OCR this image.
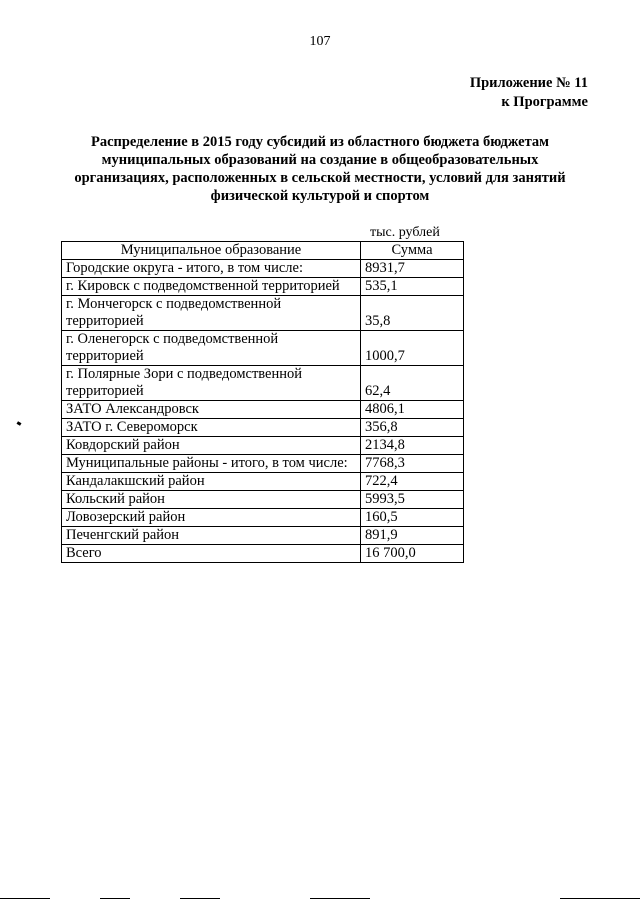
107
Приложение № 11
к Программе
Распределение в 2015 году субсидий из областного бюджета бюджетам
муниципальных образований на создание в общеобразовательных
организациях, расположенных в сельской местности, условий для занятий
физической культурой и спортом
тыс. рублей
Муниципальное образование	Сумма
Городские округа - итого, в том числе:	8931,7
г. Кировск с подведомственной территорией	535,1
г. Мончегорск с подведомственной территорией	35,8
г. Оленегорск с подведомственной территорией	1000,7
г. Полярные Зори с подведомственной территорией	62,4
ЗАТО Александровск	4806,1
ЗАТО г. Североморск	356,8
Ковдорский район	2134,8
Муниципальные районы - итого, в том числе:	7768,3
Кандалакшский район	722,4
Кольский район	5993,5
Ловозерский район	160,5
Печенгский район	891,9
Всего	16 700,0
